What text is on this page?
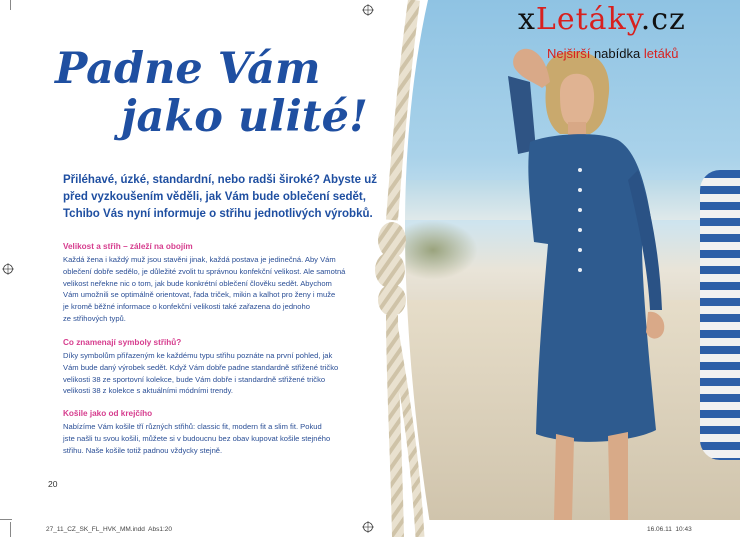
xLetáky.cz
Nejširší nabídka letáků
Padne Vám
jako ulité!
Přiléhavé, úzké, standardní, nebo radši široké? Abyste už před vyzkoušením věděli, jak Vám bude oblečení sedět, Tchibo Vás nyní informuje o střihu jednotlivých výrobků.
Velikost a střih – záleží na obojím
Každá žena i každý muž jsou stavěni jinak, každá postava je jedinečná. Aby Vám
oblečení dobře sedělo, je důležité zvolit tu správnou konfekční velikost. Ale samotná
velikost neřekne nic o tom, jak bude konkrétní oblečení člověku sedět. Abychom
Vám umožnili se optimálně orientovat, řada triček, mikin a kalhot pro ženy i muže
je kromě běžné informace o konfekční velikosti také zařazena do jednoho
ze střihových typů.
Co znamenají symboly střihů?
Díky symbolům přiřazeným ke každému typu střihu poznáte na první pohled, jak
Vám bude daný výrobek sedět. Když Vám dobře padne standardně střižené tričko
velikosti 38 ze sportovní kolekce, bude Vám dobře i standardně střižené tričko
velikosti 38 z kolekce s aktuálními módními trendy.
Košile jako od krejčího
Nabízíme Vám košile tří různých střihů: classic fit, modern fit a slim fit. Pokud
jste našli tu svou košili, můžete si v budoucnu bez obav kupovat košile stejného
střihu. Naše košile totiž padnou vždycky stejně.
20
27_11_CZ_SK_FL_HVK_MM.indd  Abs1:20	16.06.11  10:43
